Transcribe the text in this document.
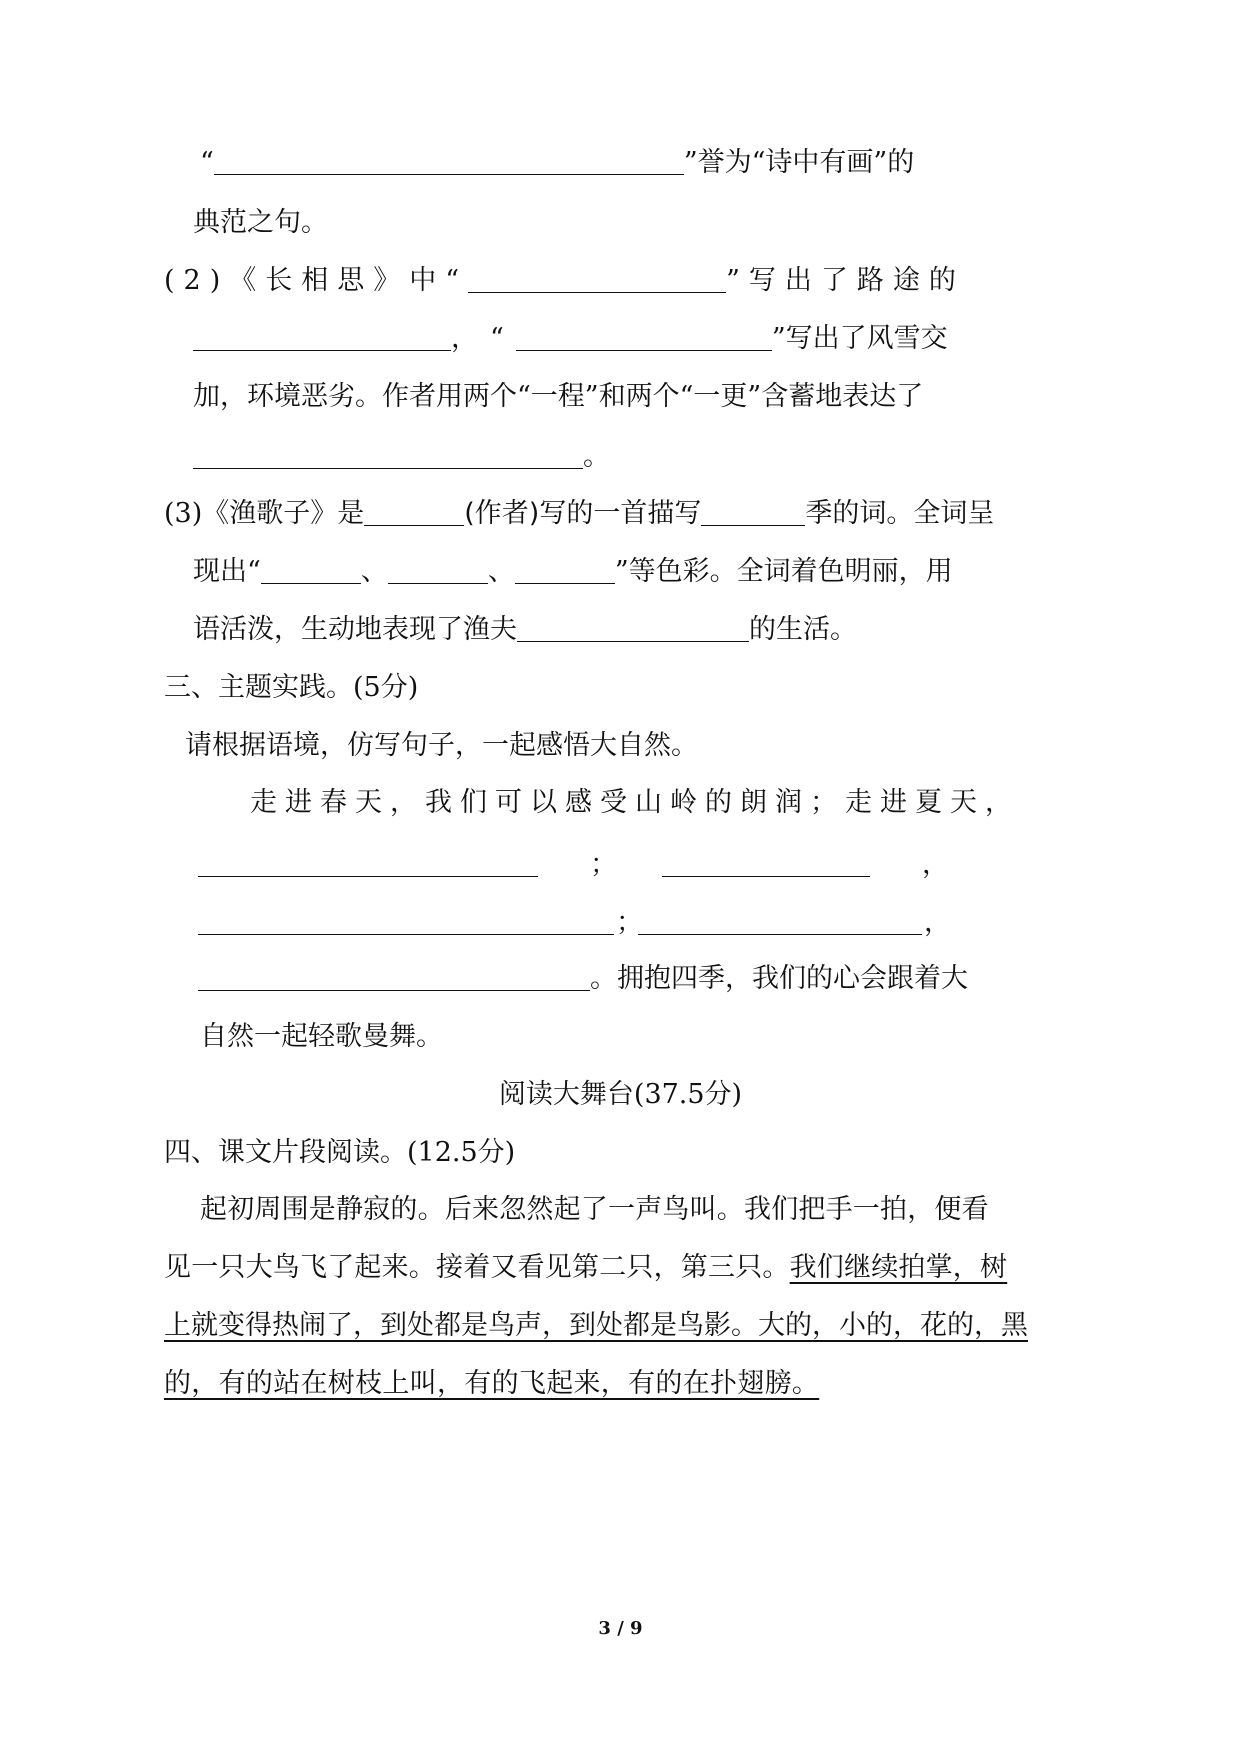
“	”誉为“诗中有画”的
典范之句。
(2)《长相思》中“	”写出了路途的
，“	”写出了风雪交
加，环境恶劣。作者用两个“一程”和两个“一更”含蓄地表达了
。
(3)《渔歌子》是	(作者)写的一首描写	季的词。全词呈
现出“	、	、	”等色彩。全词着色明丽，用
语活泼，生动地表现了渔夫	的生活。
三、主题实践。(5分)
请根据语境，仿写句子，一起感悟大自然。
走进春天，我们可以感受山岭的朗润；走进夏天，
；	，
；	，
。拥抱四季，我们的心会跟着大
自然一起轻歌曼舞。
阅读大舞台(37.5分)
四、课文片段阅读。(12.5分)
起初周围是静寂的。后来忽然起了一声鸟叫。我们把手一拍，便看
见一只大鸟飞了起来。接着又看见第二只，第三只。我们继续拍掌，树
上就变得热闹了，到处都是鸟声，到处都是鸟影。大的，小的，花的，黑
的，有的站在树枝上叫，有的飞起来，有的在扑翅膀。
3 / 9
